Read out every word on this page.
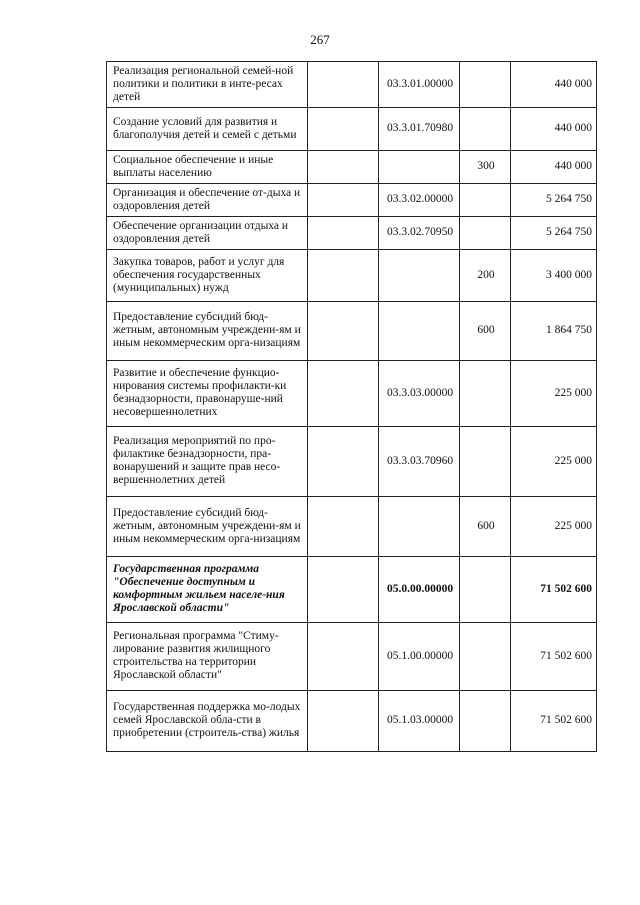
267
Реализация региональной семей-ной политики и политики в инте-ресах детей		03.3.01.00000		440 000
Создание условий для развития и благополучия детей и семей с детьми		03.3.01.70980		440 000
Социальное обеспечение и иные выплаты населению			300	440 000
Организация и обеспечение от-дыха и оздоровления детей		03.3.02.00000		5 264 750
Обеспечение организации отдыха и оздоровления детей		03.3.02.70950		5 264 750
Закупка товаров, работ и услуг для обеспечения государственных (муниципальных) нужд			200	3 400 000
Предоставление субсидий бюд-жетным, автономным учреждени-ям и иным некоммерческим орга-низациям			600	1 864 750
Развитие и обеспечение функцио-нирования системы профилакти-ки безнадзорности, правонаруше-ний несовершеннолетних		03.3.03.00000		225 000
Реализация мероприятий по про-филактике безнадзорности, пра-вонарушений и защите прав несо-вершеннолетних детей		03.3.03.70960		225 000
Предоставление субсидий бюд-жетным, автономным учреждени-ям и иным некоммерческим орга-низациям			600	225 000
Государственная программа "Обеспечение доступным и комфортным жильем населе-ния Ярославской области"		05.0.00.00000		71 502 600
Региональная программа "Стиму-лирование развития жилищного строительства на территории Ярославской области"		05.1.00.00000		71 502 600
Государственная поддержка мо-лодых семей Ярославской обла-сти в приобретении (строитель-ства) жилья		05.1.03.00000		71 502 600
